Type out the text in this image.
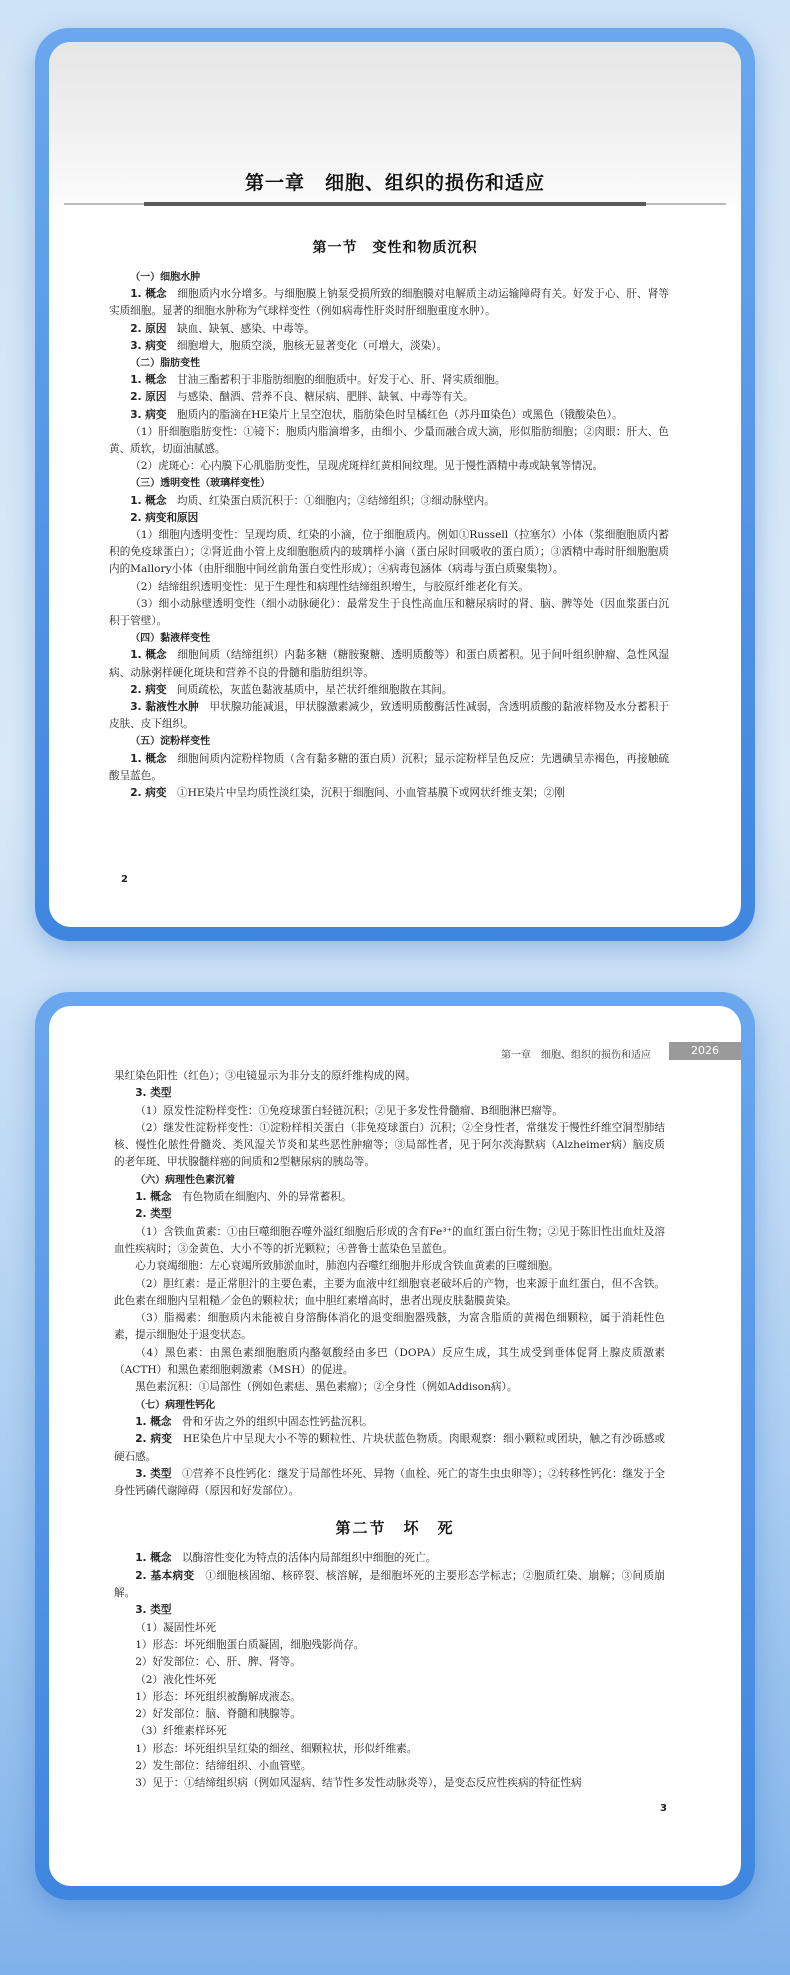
第一章　细胞、组织的损伤和适应
第一节　变性和物质沉积

（一）细胞水肿

1. 概念　细胞质内水分增多。与细胞膜上钠泵受损所致的细胞膜对电解质主动运输障碍有关。好发于心、肝、肾等实质细胞。显著的细胞水肿称为气球样变性（例如病毒性肝炎时肝细胞重度水肿）。

2. 原因　缺血、缺氧、感染、中毒等。

3. 病变　细胞增大，胞质空淡，胞核无显著变化（可增大，淡染）。

（二）脂肪变性

1. 概念　甘油三酯蓄积于非脂肪细胞的细胞质中。好发于心、肝、肾实质细胞。

2. 原因　与感染、酗酒、营养不良、糖尿病、肥胖、缺氧、中毒等有关。

3. 病变　胞质内的脂滴在HE染片上呈空泡状，脂肪染色时呈橘红色（苏丹Ⅲ染色）或黑色（锇酸染色）。

（1）肝细胞脂肪变性：①镜下：胞质内脂滴增多，由细小、少量而融合成大滴，形似脂肪细胞；②肉眼：肝大、色黄、质软，切面油腻感。

（2）虎斑心：心内膜下心肌脂肪变性，呈现虎斑样红黄相间纹理。见于慢性酒精中毒或缺氧等情况。

（三）透明变性（玻璃样变性）

1. 概念　均质、红染蛋白质沉积于：①细胞内；②结缔组织；③细动脉壁内。

2. 病变和原因

（1）细胞内透明变性：呈现均质、红染的小滴，位于细胞质内。例如①Russell（拉塞尔）小体（浆细胞胞质内蓄积的免疫球蛋白）；②肾近曲小管上皮细胞胞质内的玻璃样小滴（蛋白尿时回吸收的蛋白质）；③酒精中毒时肝细胞胞质内的Mallory小体（由肝细胞中间丝前角蛋白变性形成）；④病毒包涵体（病毒与蛋白质聚集物）。

（2）结缔组织透明变性：见于生理性和病理性结缔组织增生，与胶原纤维老化有关。

（3）细小动脉壁透明变性（细小动脉硬化）：最常发生于良性高血压和糖尿病时的肾、脑、脾等处（因血浆蛋白沉积于管壁）。

（四）黏液样变性

1. 概念　细胞间质（结缔组织）内黏多糖（糖胺聚糖、透明质酸等）和蛋白质蓄积。见于间叶组织肿瘤、急性风湿病、动脉粥样硬化斑块和营养不良的骨髓和脂肪组织等。

2. 病变　间质疏松，灰蓝色黏液基质中，星芒状纤维细胞散在其间。

3. 黏液性水肿　甲状腺功能减退，甲状腺激素减少，致透明质酸酶活性减弱，含透明质酸的黏液样物及水分蓄积于皮肤、皮下组织。

（五）淀粉样变性

1. 概念　细胞间质内淀粉样物质（含有黏多糖的蛋白质）沉积；显示淀粉样呈色反应：先遇碘呈赤褐色，再接触硫酸呈蓝色。

2. 病变　①HE染片中呈均质性淡红染，沉积于细胞间、小血管基膜下或网状纤维支架；②刚

2
第一章　细胞、组织的损伤和适应	2026

果红染色阳性（红色）；③电镜显示为非分支的原纤维构成的网。

3. 类型

（1）原发性淀粉样变性：①免疫球蛋白轻链沉积；②见于多发性骨髓瘤、B细胞淋巴瘤等。

（2）继发性淀粉样变性：①淀粉样相关蛋白（非免疫球蛋白）沉积；②全身性者，常继发于慢性纤维空洞型肺结核、慢性化脓性骨髓炎、类风湿关节炎和某些恶性肿瘤等；③局部性者，见于阿尔茨海默病（Alzheimer病）脑皮质的老年斑、甲状腺髓样癌的间质和2型糖尿病的胰岛等。

（六）病理性色素沉着

1. 概念　有色物质在细胞内、外的异常蓄积。

2. 类型

（1）含铁血黄素：①由巨噬细胞吞噬外溢红细胞后形成的含有Fe³⁺的血红蛋白衍生物；②见于陈旧性出血灶及溶血性疾病时；③金黄色、大小不等的折光颗粒；④普鲁士蓝染色呈蓝色。

心力衰竭细胞：左心衰竭所致肺淤血时，肺泡内吞噬红细胞并形成含铁血黄素的巨噬细胞。

（2）胆红素：是正常胆汁的主要色素，主要为血液中红细胞衰老破坏后的产物，也来源于血红蛋白，但不含铁。此色素在细胞内呈粗糙／金色的颗粒状；血中胆红素增高时，患者出现皮肤黏膜黄染。

（3）脂褐素：细胞质内未能被自身溶酶体消化的退变细胞器残骸，为富含脂质的黄褐色细颗粒，属于消耗性色素，提示细胞处于退变状态。

（4）黑色素：由黑色素细胞胞质内酪氨酸经由多巴（DOPA）反应生成，其生成受到垂体促肾上腺皮质激素（ACTH）和黑色素细胞刺激素（MSH）的促进。

黑色素沉积：①局部性（例如色素痣、黑色素瘤）；②全身性（例如Addison病）。

（七）病理性钙化

1. 概念　骨和牙齿之外的组织中固态性钙盐沉积。

2. 病变　HE染色片中呈现大小不等的颗粒性、片块状蓝色物质。肉眼观察：细小颗粒或团块，触之有沙砾感或硬石感。

3. 类型　①营养不良性钙化：继发于局部性坏死、异物（血栓、死亡的寄生虫虫卵等）；②转移性钙化：继发于全身性钙磷代谢障碍（原因和好发部位）。

第二节　坏　死

1. 概念　以酶溶性变化为特点的活体内局部组织中细胞的死亡。

2. 基本病变　①细胞核固缩、核碎裂、核溶解，是细胞坏死的主要形态学标志；②胞质红染、崩解；③间质崩解。

3. 类型

（1）凝固性坏死

1）形态：坏死细胞蛋白质凝固，细胞残影尚存。

2）好发部位：心、肝、脾、肾等。

（2）液化性坏死

1）形态：坏死组织被酶解成液态。

2）好发部位：脑、脊髓和胰腺等。

（3）纤维素样坏死

1）形态：坏死组织呈红染的细丝、细颗粒状，形似纤维素。

2）发生部位：结缔组织、小血管壁。

3）见于：①结缔组织病（例如风湿病、结节性多发性动脉炎等），是变态反应性疾病的特征性病

3
